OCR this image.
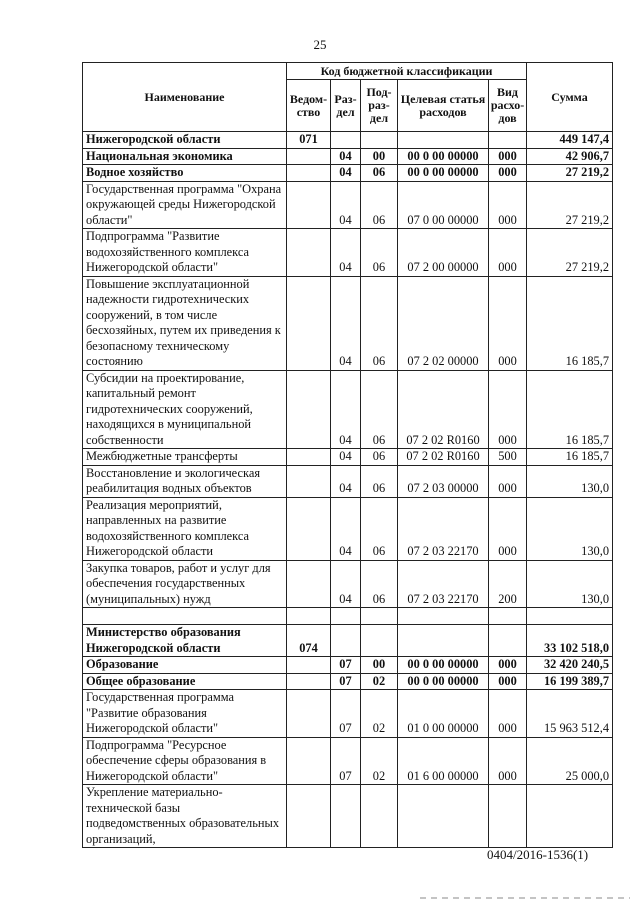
25
Наименование	Код бюджетной классификации					Сумма
	Ведом-ство	Раз-дел	Под-раз-дел	Целевая статья расходов	Вид расхо-дов	
Нижегородской области	071					449 147,4
Национальная экономика		04	00	00 0 00 00000	000	42 906,7
Водное хозяйство		04	06	00 0 00 00000	000	27 219,2
Государственная программа "Охрана окружающей среды Нижегородской области"		04	06	07 0 00 00000	000	27 219,2
Подпрограмма "Развитие водохозяйственного комплекса Нижегородской области"		04	06	07 2 00 00000	000	27 219,2
Повышение эксплуатационной надежности гидротехнических сооружений, в том числе бесхозяйных, путем их приведения к безопасному техническому состоянию		04	06	07 2 02 00000	000	16 185,7
Субсидии на проектирование, капитальный ремонт гидротехнических сооружений, находящихся в муниципальной собственности		04	06	07 2 02 R0160	000	16 185,7
Межбюджетные трансферты		04	06	07 2 02 R0160	500	16 185,7
Восстановление и экологическая реабилитация водных объектов		04	06	07 2 03 00000	000	130,0
Реализация мероприятий, направленных на развитие водохозяйственного комплекса Нижегородской области		04	06	07 2 03 22170	000	130,0
Закупка товаров, работ и услуг для обеспечения государственных (муниципальных) нужд		04	06	07 2 03 22170	200	130,0

Министерство образования Нижегородской области	074					33 102 518,0
Образование		07	00	00 0 00 00000	000	32 420 240,5
Общее образование		07	02	00 0 00 00000	000	16 199 389,7
Государственная программа "Развитие образования Нижегородской области"		07	02	01 0 00 00000	000	15 963 512,4
Подпрограмма "Ресурсное обеспечение сферы образования в Нижегородской области"		07	02	01 6 00 00000	000	25 000,0
Укрепление материально-технической базы подведомственных образовательных организаций,						
0404/2016-1536(1)
